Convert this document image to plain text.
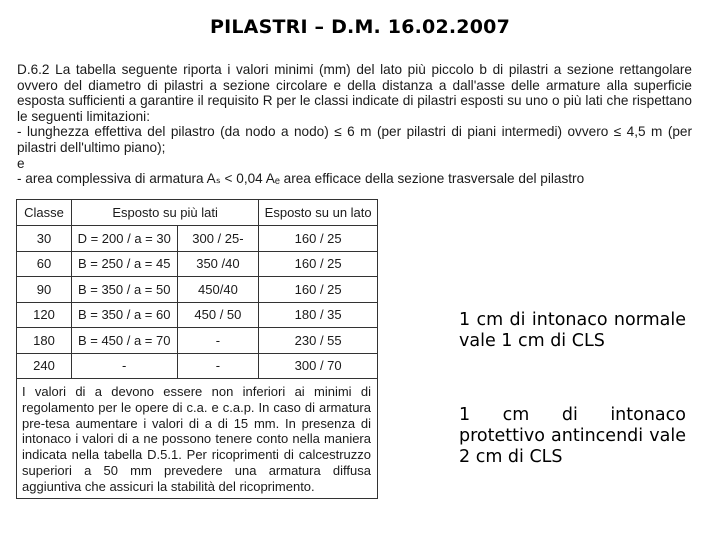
PILASTRI – D.M. 16.02.2007

D.6.2 La tabella seguente riporta i valori minimi (mm) del lato più piccolo b di pilastri a sezione rettangolare ovvero del diametro di pilastri a sezione circolare e della distanza a dall'asse delle armature alla superficie esposta sufficienti a garantire il requisito R per le classi indicate di pilastri esposti su uno o più lati che rispettano le seguenti limitazioni:

- lunghezza effettiva del pilastro (da nodo a nodo) ≤ 6 m (per pilastri di piani intermedi) ovvero ≤ 4,5 m (per pilastri dell'ultimo piano);

e

- area complessiva di armatura Aₛ < 0,04 Aₑ area efficace della sezione trasversale del pilastro

Classe	Esposto su più lati		Esposto su un lato
30	D = 200 / a = 30	300 / 25-	160 / 25
60	B = 250 / a = 45	350 /40	160 / 25
90	B = 350 / a = 50	450/40	160 / 25
120	B = 350 / a = 60	450 / 50	180 / 35
180	B = 450 / a = 70	-	230 / 55
240	-	-	300 / 70
I valori di a devono essere non inferiori ai minimi di regolamento per le opere di c.a. e c.a.p. In caso di armatura pre-tesa aumentare i valori di a di 15 mm. In presenza di intonaco i valori di a ne possono tenere conto nella maniera indicata nella tabella D.5.1. Per ricoprimenti di calcestruzzo superiori a 50 mm prevedere una armatura diffusa aggiuntiva che assicuri la stabilità del ricoprimento.			

1 cm di intonaco normale vale 1 cm di CLS

1 cm di intonaco protettivo antincendi vale 2 cm di CLS
